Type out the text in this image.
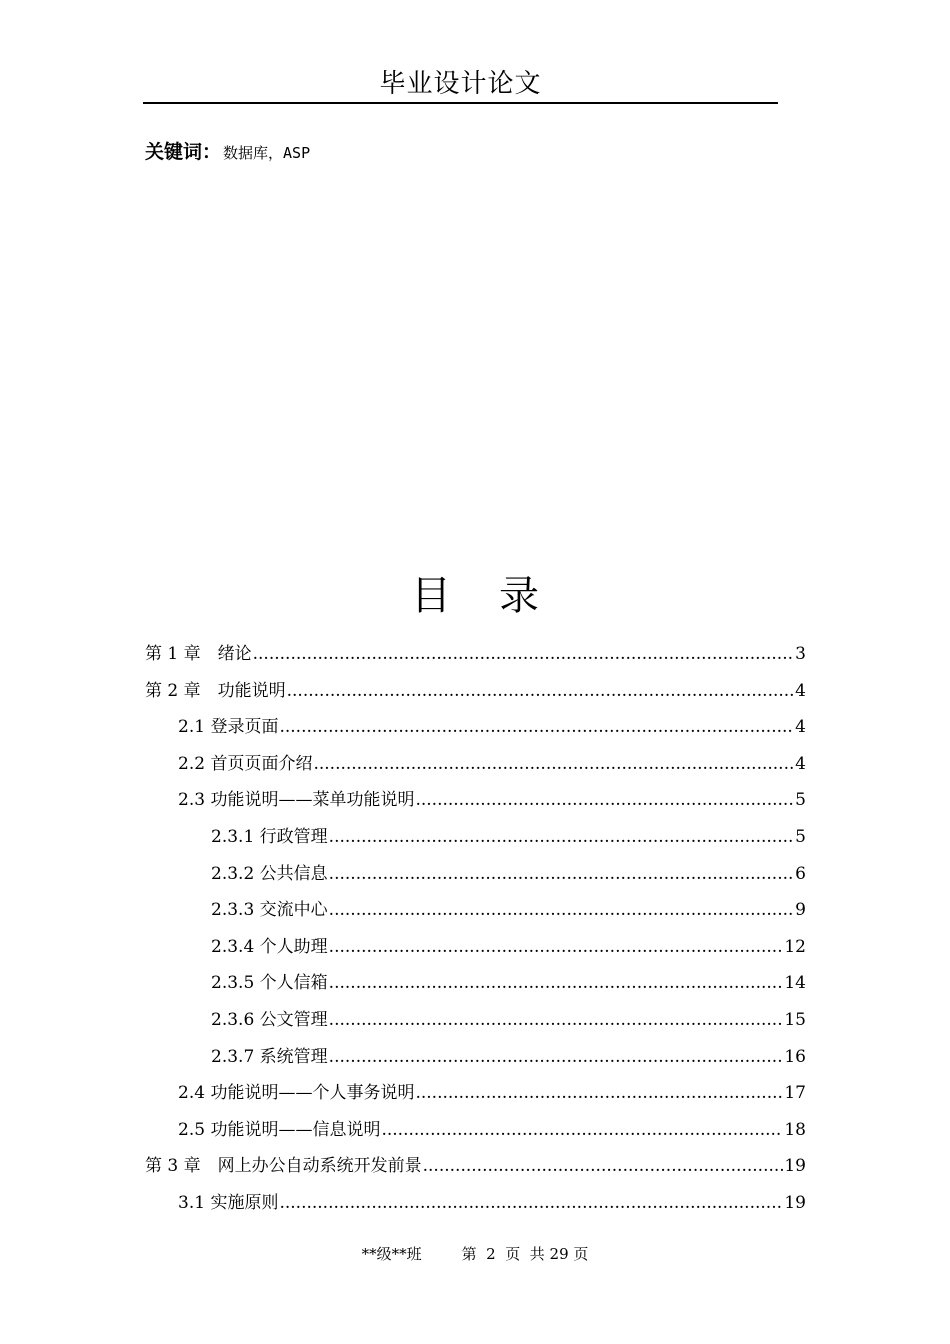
毕业设计论文
关键词： 数据库，ASP
目录
第 1 章　绪论 .....	3
第 2 章　功能说明 .....	4
2.1 登录页面 .....	4
2.2 首页页面介绍 .....	4
2.3 功能说明——菜单功能说明 .....	5
2.3.1 行政管理 .....	5
2.3.2 公共信息 .....	6
2.3.3 交流中心 .....	9
2.3.4 个人助理 .....	12
2.3.5 个人信箱 .....	14
2.3.6 公文管理 .....	15
2.3.7 系统管理 .....	16
2.4 功能说明——个人事务说明 .....	17
2.5 功能说明——信息说明 .....	18
第 3 章　网上办公自动系统开发前景 .....	19
3.1 实施原则 .....	19
**级**班	第  2  页  共 29 页
